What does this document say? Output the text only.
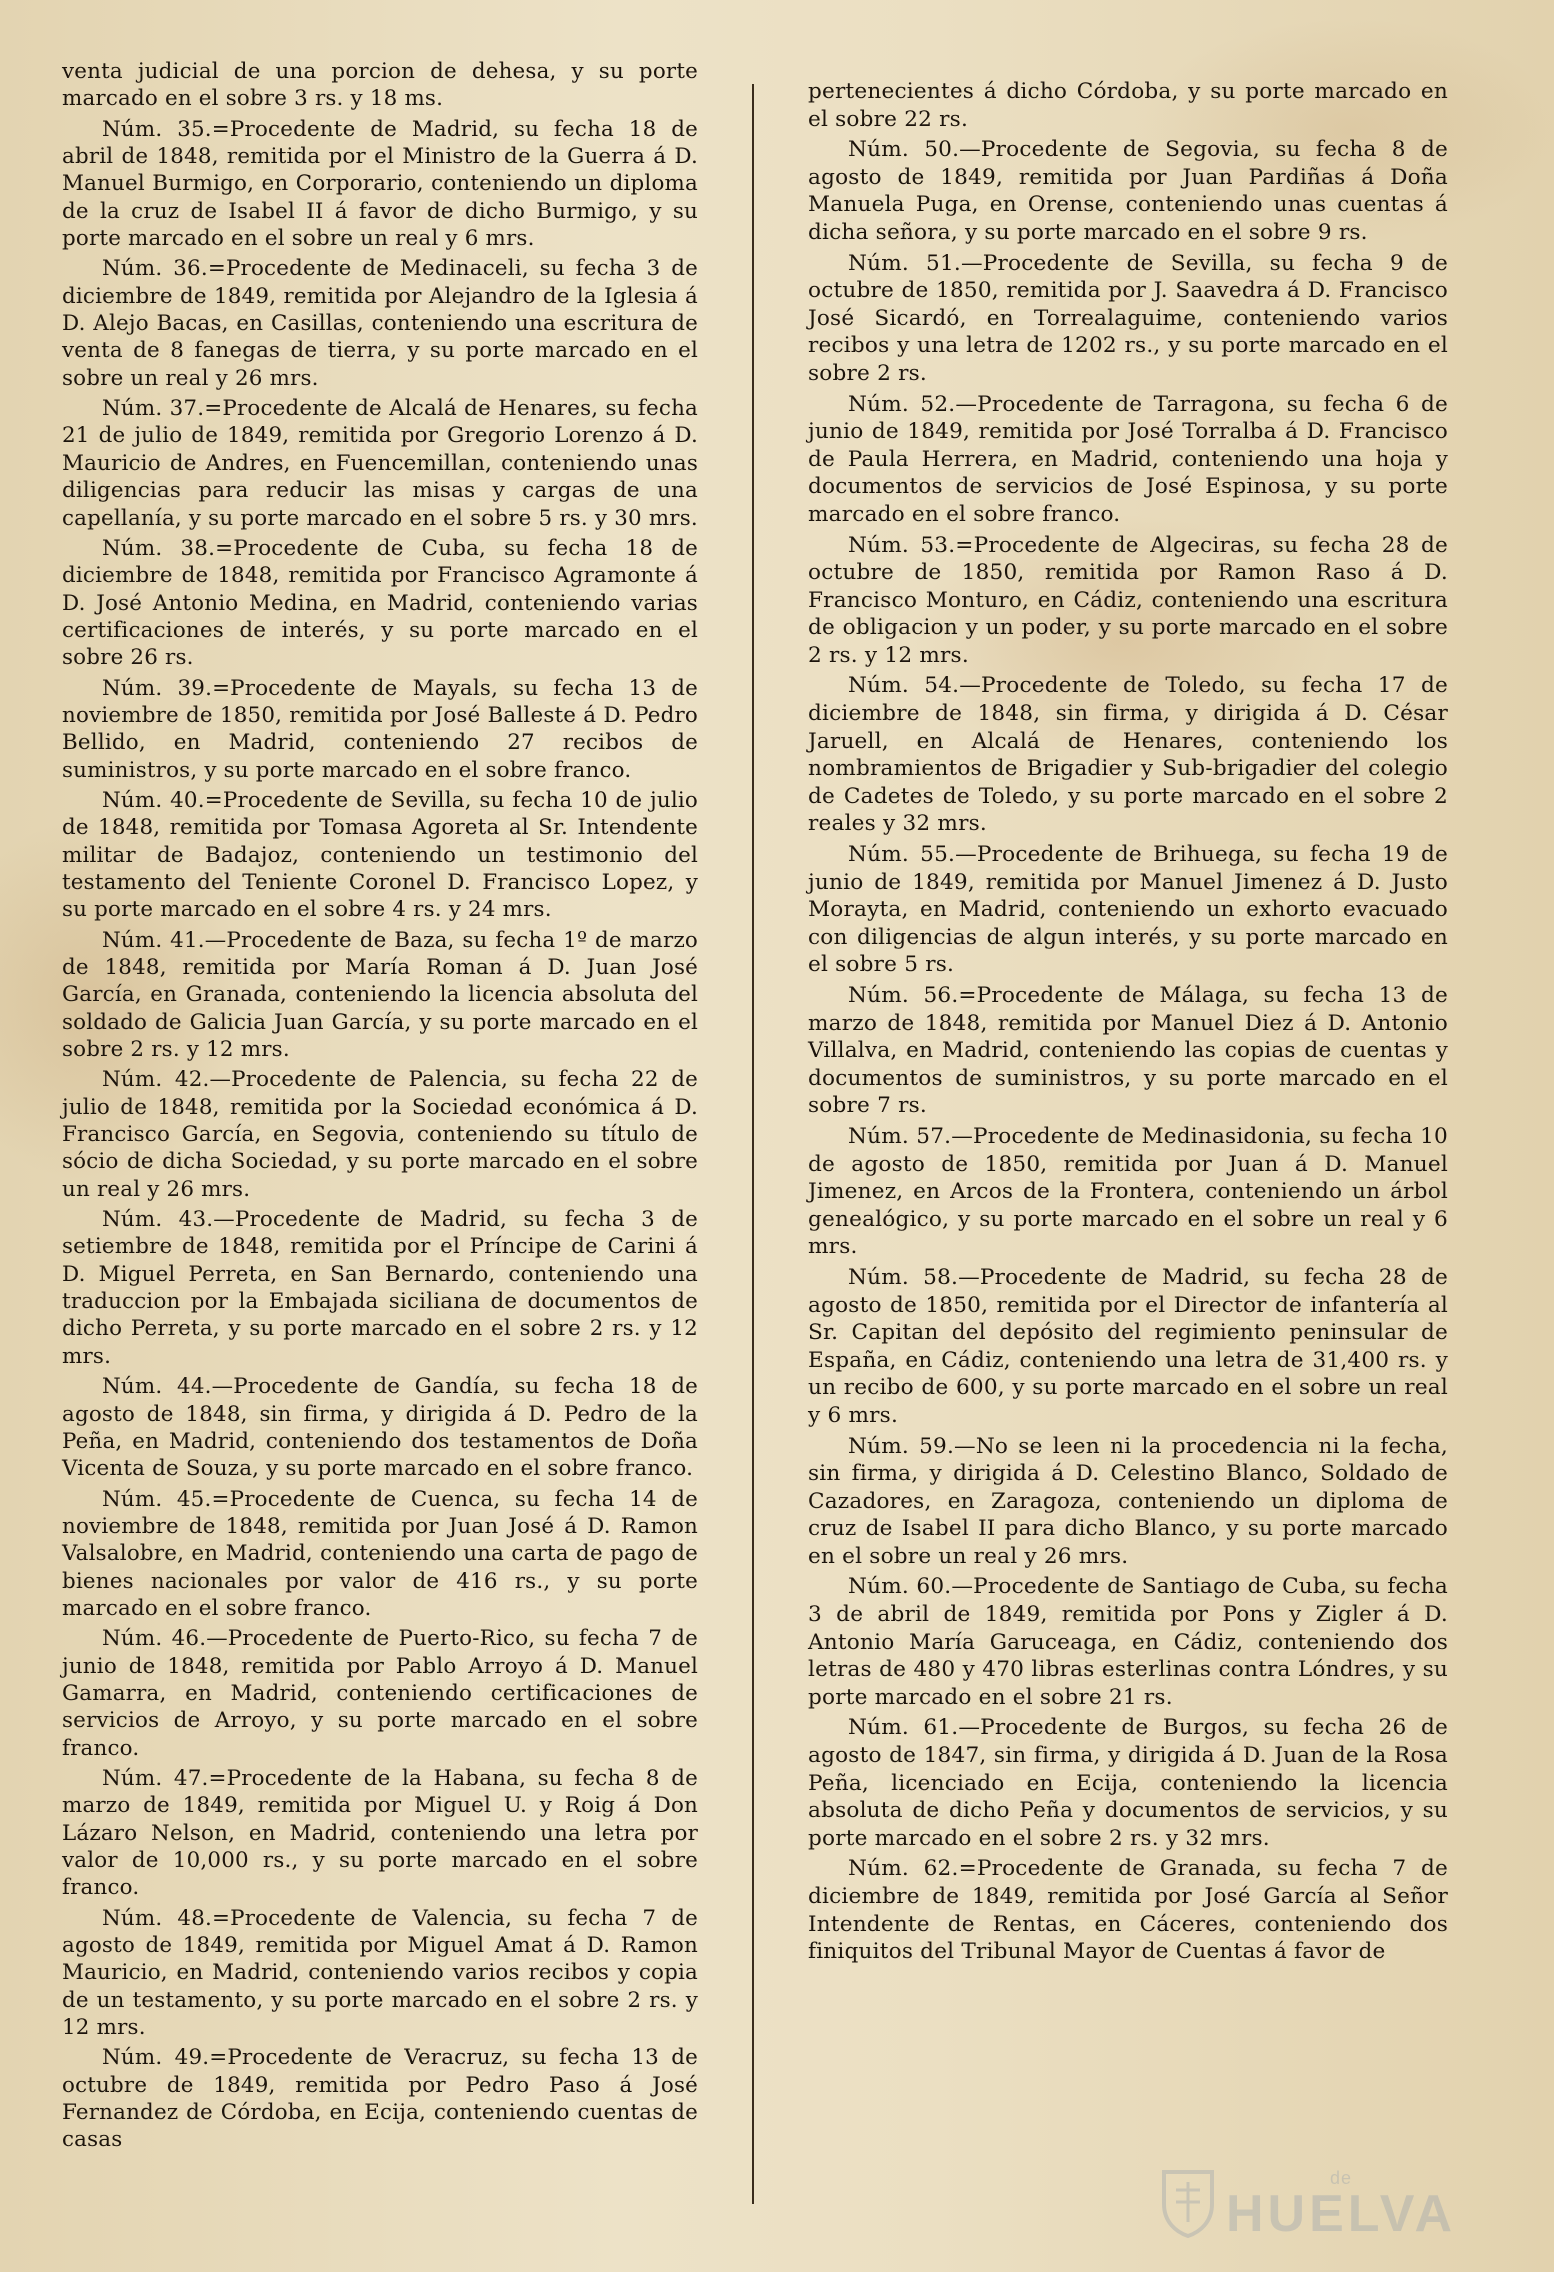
venta judicial de una porcion de dehesa, y su porte marcado en el sobre 3 rs. y 18 ms.

Núm. 35.=Procedente de Madrid, su fecha 18 de abril de 1848, remitida por el Ministro de la Guerra á D. Manuel Burmigo, en Corporario, conteniendo un diploma de la cruz de Isabel II á favor de dicho Burmigo, y su porte marcado en el sobre un real y 6 mrs.

Núm. 36.=Procedente de Medinaceli, su fecha 3 de diciembre de 1849, remitida por Alejandro de la Iglesia á D. Alejo Bacas, en Casillas, conteniendo una escritura de venta de 8 fanegas de tierra, y su porte marcado en el sobre un real y 26 mrs.

Núm. 37.=Procedente de Alcalá de Henares, su fecha 21 de julio de 1849, remitida por Gregorio Lorenzo á D. Mauricio de Andres, en Fuencemillan, conteniendo unas diligencias para reducir las misas y cargas de una capellanía, y su porte marcado en el sobre 5 rs. y 30 mrs.

Núm. 38.=Procedente de Cuba, su fecha 18 de diciembre de 1848, remitida por Francisco Agramonte á D. José Antonio Medina, en Madrid, conteniendo varias certificaciones de interés, y su porte marcado en el sobre 26 rs.

Núm. 39.=Procedente de Mayals, su fecha 13 de noviembre de 1850, remitida por José Balleste á D. Pedro Bellido, en Madrid, conteniendo 27 recibos de suministros, y su porte marcado en el sobre franco.

Núm. 40.=Procedente de Sevilla, su fecha 10 de julio de 1848, remitida por Tomasa Agoreta al Sr. Intendente militar de Badajoz, conteniendo un testimonio del testamento del Teniente Coronel D. Francisco Lopez, y su porte marcado en el sobre 4 rs. y 24 mrs.

Núm. 41.—Procedente de Baza, su fecha 1º de marzo de 1848, remitida por María Roman á D. Juan José García, en Granada, conteniendo la licencia absoluta del soldado de Galicia Juan García, y su porte marcado en el sobre 2 rs. y 12 mrs.

Núm. 42.—Procedente de Palencia, su fecha 22 de julio de 1848, remitida por la Sociedad económica á D. Francisco García, en Segovia, conteniendo su título de sócio de dicha Sociedad, y su porte marcado en el sobre un real y 26 mrs.

Núm. 43.—Procedente de Madrid, su fecha 3 de setiembre de 1848, remitida por el Príncipe de Carini á D. Miguel Perreta, en San Bernardo, conteniendo una traduccion por la Embajada siciliana de documentos de dicho Perreta, y su porte marcado en el sobre 2 rs. y 12 mrs.

Núm. 44.—Procedente de Gandía, su fecha 18 de agosto de 1848, sin firma, y dirigida á D. Pedro de la Peña, en Madrid, conteniendo dos testamentos de Doña Vicenta de Souza, y su porte marcado en el sobre franco.

Núm. 45.=Procedente de Cuenca, su fecha 14 de noviembre de 1848, remitida por Juan José á D. Ramon Valsalobre, en Madrid, conteniendo una carta de pago de bienes nacionales por valor de 416 rs., y su porte marcado en el sobre franco.

Núm. 46.—Procedente de Puerto-Rico, su fecha 7 de junio de 1848, remitida por Pablo Arroyo á D. Manuel Gamarra, en Madrid, conteniendo certificaciones de servicios de Arroyo, y su porte marcado en el sobre franco.

Núm. 47.=Procedente de la Habana, su fecha 8 de marzo de 1849, remitida por Miguel U. y Roig á Don Lázaro Nelson, en Madrid, conteniendo una letra por valor de 10,000 rs., y su porte marcado en el sobre franco.

Núm. 48.=Procedente de Valencia, su fecha 7 de agosto de 1849, remitida por Miguel Amat á D. Ramon Mauricio, en Madrid, conteniendo varios recibos y copia de un testamento, y su porte marcado en el sobre 2 rs. y 12 mrs.

Núm. 49.=Procedente de Veracruz, su fecha 13 de octubre de 1849, remitida por Pedro Paso á José Fernandez de Córdoba, en Ecija, conteniendo cuentas de casas

pertenecientes á dicho Córdoba, y su porte marcado en el sobre 22 rs.

Núm. 50.—Procedente de Segovia, su fecha 8 de agosto de 1849, remitida por Juan Pardiñas á Doña Manuela Puga, en Orense, conteniendo unas cuentas á dicha señora, y su porte marcado en el sobre 9 rs.

Núm. 51.—Procedente de Sevilla, su fecha 9 de octubre de 1850, remitida por J. Saavedra á D. Francisco José Sicardó, en Torrealaguime, conteniendo varios recibos y una letra de 1202 rs., y su porte marcado en el sobre 2 rs.

Núm. 52.—Procedente de Tarragona, su fecha 6 de junio de 1849, remitida por José Torralba á D. Francisco de Paula Herrera, en Madrid, conteniendo una hoja y documentos de servicios de José Espinosa, y su porte marcado en el sobre franco.

Núm. 53.=Procedente de Algeciras, su fecha 28 de octubre de 1850, remitida por Ramon Raso á D. Francisco Monturo, en Cádiz, conteniendo una escritura de obligacion y un poder, y su porte marcado en el sobre 2 rs. y 12 mrs.

Núm. 54.—Procedente de Toledo, su fecha 17 de diciembre de 1848, sin firma, y dirigida á D. César Jaruell, en Alcalá de Henares, conteniendo los nombramientos de Brigadier y Sub-brigadier del colegio de Cadetes de Toledo, y su porte marcado en el sobre 2 reales y 32 mrs.

Núm. 55.—Procedente de Brihuega, su fecha 19 de junio de 1849, remitida por Manuel Jimenez á D. Justo Morayta, en Madrid, conteniendo un exhorto evacuado con diligencias de algun interés, y su porte marcado en el sobre 5 rs.

Núm. 56.=Procedente de Málaga, su fecha 13 de marzo de 1848, remitida por Manuel Diez á D. Antonio Villalva, en Madrid, conteniendo las copias de cuentas y documentos de suministros, y su porte marcado en el sobre 7 rs.

Núm. 57.—Procedente de Medinasidonia, su fecha 10 de agosto de 1850, remitida por Juan á D. Manuel Jimenez, en Arcos de la Frontera, conteniendo un árbol genealógico, y su porte marcado en el sobre un real y 6 mrs.

Núm. 58.—Procedente de Madrid, su fecha 28 de agosto de 1850, remitida por el Director de infantería al Sr. Capitan del depósito del regimiento peninsular de España, en Cádiz, conteniendo una letra de 31,400 rs. y un recibo de 600, y su porte marcado en el sobre un real y 6 mrs.

Núm. 59.—No se leen ni la procedencia ni la fecha, sin firma, y dirigida á D. Celestino Blanco, Soldado de Cazadores, en Zaragoza, conteniendo un diploma de cruz de Isabel II para dicho Blanco, y su porte marcado en el sobre un real y 26 mrs.

Núm. 60.—Procedente de Santiago de Cuba, su fecha 3 de abril de 1849, remitida por Pons y Zigler á D. Antonio María Garuceaga, en Cádiz, conteniendo dos letras de 480 y 470 libras esterlinas contra Lóndres, y su porte marcado en el sobre 21 rs.

Núm. 61.—Procedente de Burgos, su fecha 26 de agosto de 1847, sin firma, y dirigida á D. Juan de la Rosa Peña, licenciado en Ecija, conteniendo la licencia absoluta de dicho Peña y documentos de servicios, y su porte marcado en el sobre 2 rs. y 32 mrs.

Núm. 62.=Procedente de Granada, su fecha 7 de diciembre de 1849, remitida por José García al Señor Intendente de Rentas, en Cáceres, conteniendo dos finiquitos del Tribunal Mayor de Cuentas á favor de

de
HUELVA
